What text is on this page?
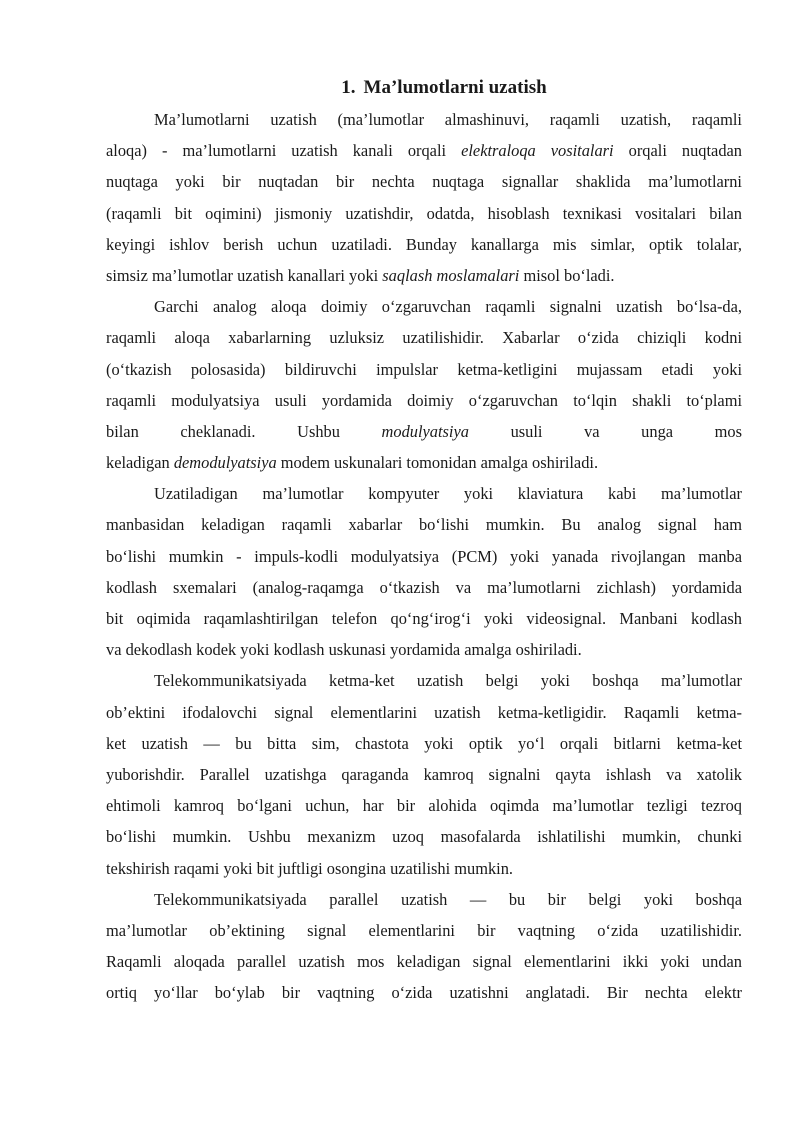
1. Ma’lumotlarni uzatish

Ma’lumotlarni uzatish (ma’lumotlar almashinuvi, raqamli uzatish, raqamli
aloqa) - ma’lumotlarni uzatish kanali orqali elektraloqa vositalari orqali nuqtadan
nuqtaga yoki bir nuqtadan bir nechta nuqtaga signallar shaklida ma’lumotlarni
(raqamli bit oqimini) jismoniy uzatishdir, odatda, hisoblash texnikasi vositalari bilan
keyingi ishlov berish uchun uzatiladi. Bunday kanallarga mis simlar, optik tolalar,
simsiz ma’lumotlar uzatish kanallari yoki saqlash moslamalari misol bo‘ladi.

Garchi analog aloqa doimiy o‘zgaruvchan raqamli signalni uzatish bo‘lsa-da,
raqamli aloqa xabarlarning uzluksiz uzatilishidir. Xabarlar o‘zida chiziqli kodni
(o‘tkazish polosasida) bildiruvchi impulslar ketma-ketligini mujassam etadi yoki
raqamli modulyatsiya usuli yordamida doimiy o‘zgaruvchan to‘lqin shakli to‘plami
bilan cheklanadi. Ushbu modulyatsiya usuli va unga mos
keladigan demodulyatsiya modem uskunalari tomonidan amalga oshiriladi.

Uzatiladigan ma’lumotlar kompyuter yoki klaviatura kabi ma’lumotlar
manbasidan keladigan raqamli xabarlar bo‘lishi mumkin. Bu analog signal ham
bo‘lishi mumkin - impuls-kodli modulyatsiya (PCM) yoki yanada rivojlangan manba
kodlash sxemalari (analog-raqamga o‘tkazish va ma’lumotlarni zichlash) yordamida
bit oqimida raqamlashtirilgan telefon qo‘ng‘irog‘i yoki videosignal. Manbani kodlash
va dekodlash kodek yoki kodlash uskunasi yordamida amalga oshiriladi.

Telekommunikatsiyada ketma-ket uzatish belgi yoki boshqa ma’lumotlar
ob’ektini ifodalovchi signal elementlarini uzatish ketma-ketligidir. Raqamli ketma-
ket uzatish — bu bitta sim, chastota yoki optik yo‘l orqali bitlarni ketma-ket
yuborishdir. Parallel uzatishga qaraganda kamroq signalni qayta ishlash va xatolik
ehtimoli kamroq bo‘lgani uchun, har bir alohida oqimda ma’lumotlar tezligi tezroq
bo‘lishi mumkin. Ushbu mexanizm uzoq masofalarda ishlatilishi mumkin, chunki
tekshirish raqami yoki bit juftligi osongina uzatilishi mumkin.

Telekommunikatsiyada parallel uzatish — bu bir belgi yoki boshqa
ma’lumotlar ob’ektining signal elementlarini bir vaqtning o‘zida uzatilishidir.
Raqamli aloqada parallel uzatish mos keladigan signal elementlarini ikki yoki undan
ortiq yo‘llar bo‘ylab bir vaqtning o‘zida uzatishni anglatadi. Bir nechta elektr
